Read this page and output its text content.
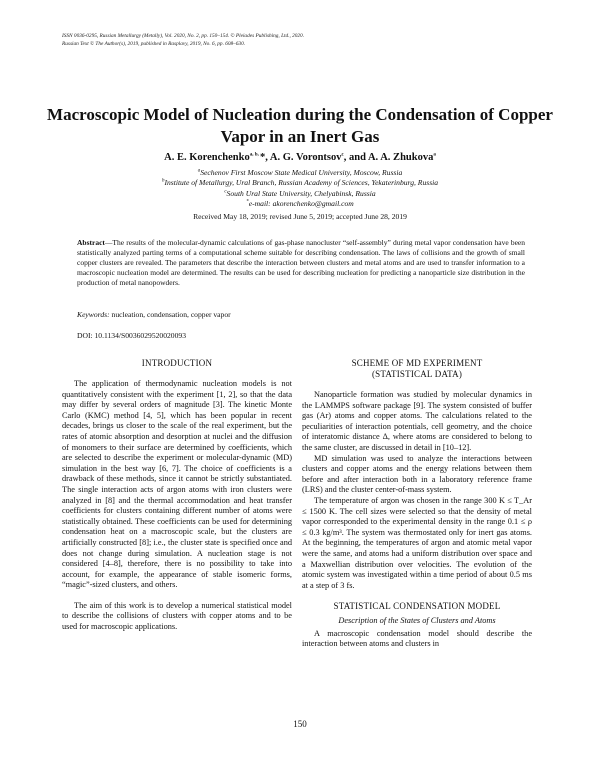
ISSN 0036-0295, Russian Metallurgy (Metally), Vol. 2020, No. 2, pp. 150–154. © Pleiades Publishing, Ltd., 2020.
Russian Text © The Author(s), 2019, published in Rasplavy, 2019, No. 6, pp. 608–630.
Macroscopic Model of Nucleation during the Condensation of Copper Vapor in an Inert Gas
A. E. Korenchenko$^{a, b,}$ *, A. G. Vorontsov$^c$, and A. A. Zhukova$^a$
$^a$Sechenov First Moscow State Medical University, Moscow, Russia
$^b$Institute of Metallurgy, Ural Branch, Russian Academy of Sciences, Yekaterinburg, Russia
$^c$South Ural State University, Chelyabinsk, Russia
*e-mail: akorenchenko@gmail.com
Received May 18, 2019; revised June 5, 2019; accepted June 28, 2019
Abstract—The results of the molecular-dynamic calculations of gas-phase nanocluster “self-assembly” during metal vapor condensation have been statistically analyzed parting terms of a computational scheme suitable for describing condensation. The laws of collisions and the growth of small copper clusters are revealed. The parameters that describe the interaction between clusters and metal atoms and are used to transfer information to a macroscopic nucleation model are determined. The results can be used for describing nucleation for predicting a nanoparticle size distribution in the production of metal nanopowders.
Keywords: nucleation, condensation, copper vapor
DOI: 10.1134/S0036029520020093
INTRODUCTION

The application of thermodynamic nucleation models is not quantitatively consistent with the experiment [1, 2], so that the data may differ by several orders of magnitude [3]. The kinetic Monte Carlo (KMC) method [4, 5], which has been popular in recent decades, brings us closer to the scale of the real experiment, but the rates of atomic absorption and desorption at nuclei and the diffusion of monomers to their surface are determined by coefficients, which are selected to describe the experiment or molecular-dynamic (MD) simulation in the best way [6, 7]. The choice of coefficients is a drawback of these methods, since it cannot be strictly substantiated. The single interaction acts of argon atoms with iron clusters were analyzed in [8] and the thermal accommodation and heat transfer coefficients for clusters containing different number of atoms were statistically obtained. These coefficients can be used for determining condensation heat on a macroscopic scale, but the clusters are artificially constructed [8]; i.e., the cluster state is specified once and does not change during simulation. A nucleation stage is not considered [4–8], therefore, there is no possibility to take into account, for example, the appearance of stable isomeric forms, “magic”-sized clusters, and others.

The aim of this work is to develop a numerical statistical model to describe the collisions of clusters with copper atoms and to be used for macroscopic applications.

SCHEME OF MD EXPERIMENT
(STATISTICAL DATA)

Nanoparticle formation was studied by molecular dynamics in the LAMMPS software package [9]. The system consisted of buffer gas (Ar) atoms and copper atoms. The calculations related to the peculiarities of interaction potentials, cell geometry, and the choice of interatomic distance Δ, where atoms are considered to belong to the same cluster, are discussed in detail in [10–12].

MD simulation was used to analyze the interactions between clusters and copper atoms and the energy relations between them before and after interaction both in a laboratory reference frame (LRS) and the cluster center-of-mass system.

The temperature of argon was chosen in the range 300 K ≤ T_Ar ≤ 1500 K. The cell sizes were selected so that the density of metal vapor corresponded to the experimental density in the range 0.1 ≤ ρ ≤ 0.3 kg/m³. The system was thermostated only for inert gas atoms. At the beginning, the temperatures of argon and atomic metal vapor were the same, and atoms had a uniform distribution over space and a Maxwellian distribution over velocities. The evolution of the atomic system was investigated within a time period of about 0.5 ms at a step of 3 fs.

STATISTICAL CONDENSATION MODEL
Description of the States of Clusters and Atoms

A macroscopic condensation model should describe the interaction between atoms and clusters in

150
